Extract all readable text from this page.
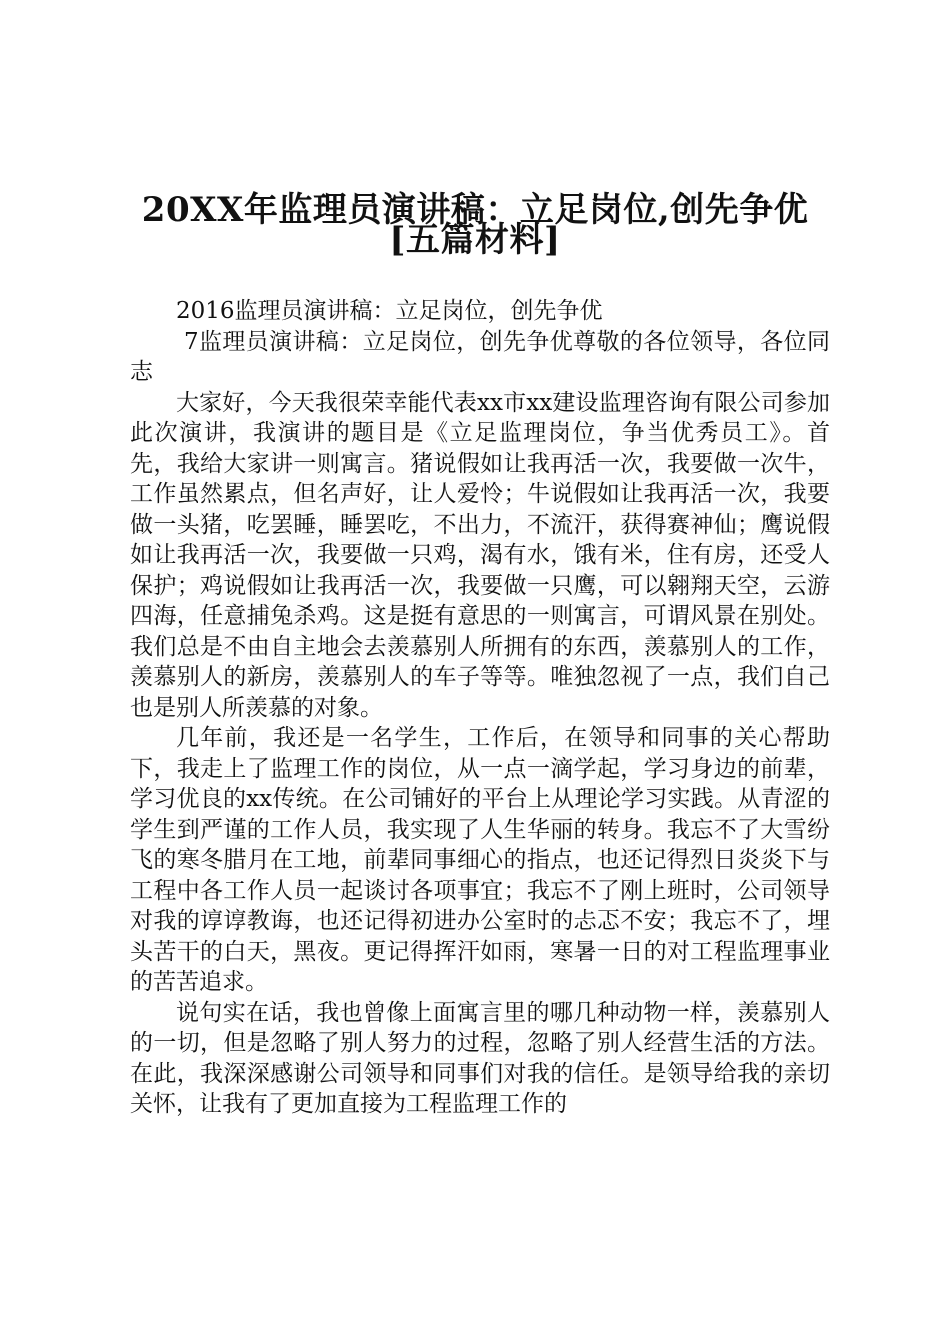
20XX年监理员演讲稿：立足岗位,创先争优
[五篇材料]

2016监理员演讲稿：立足岗位，创先争优

7监理员演讲稿：立足岗位，创先争优尊敬的各位领导，各位同志

大家好，今天我很荣幸能代表xx市xx建设监理咨询有限公司参加此次演讲，我演讲的题目是《立足监理岗位，争当优秀员工》。首先，我给大家讲一则寓言。猪说假如让我再活一次，我要做一次牛，工作虽然累点，但名声好，让人爱怜；牛说假如让我再活一次，我要做一头猪，吃罢睡，睡罢吃，不出力，不流汗，获得赛神仙；鹰说假如让我再活一次，我要做一只鸡，渴有水，饿有米，住有房，还受人保护；鸡说假如让我再活一次，我要做一只鹰，可以翱翔天空，云游四海，任意捕兔杀鸡。这是挺有意思的一则寓言，可谓风景在别处。我们总是不由自主地会去羡慕别人所拥有的东西，羡慕别人的工作，羡慕别人的新房，羡慕别人的车子等等。唯独忽视了一点，我们自己也是别人所羡慕的对象。

几年前，我还是一名学生，工作后，在领导和同事的关心帮助下，我走上了监理工作的岗位，从一点一滴学起，学习身边的前辈，学习优良的xx传统。在公司铺好的平台上从理论学习实践。从青涩的学生到严谨的工作人员，我实现了人生华丽的转身。我忘不了大雪纷飞的寒冬腊月在工地，前辈同事细心的指点，也还记得烈日炎炎下与工程中各工作人员一起谈讨各项事宜；我忘不了刚上班时，公司领导对我的谆谆教诲，也还记得初进办公室时的忐忑不安；我忘不了，埋头苦干的白天，黑夜。更记得挥汗如雨，寒暑一日的对工程监理事业的苦苦追求。

说句实在话，我也曾像上面寓言里的哪几种动物一样，羡慕别人的一切，但是忽略了别人努力的过程，忽略了别人经营生活的方法。在此，我深深感谢公司领导和同事们对我的信任。是领导给我的亲切关怀，让我有了更加直接为工程监理工作的
